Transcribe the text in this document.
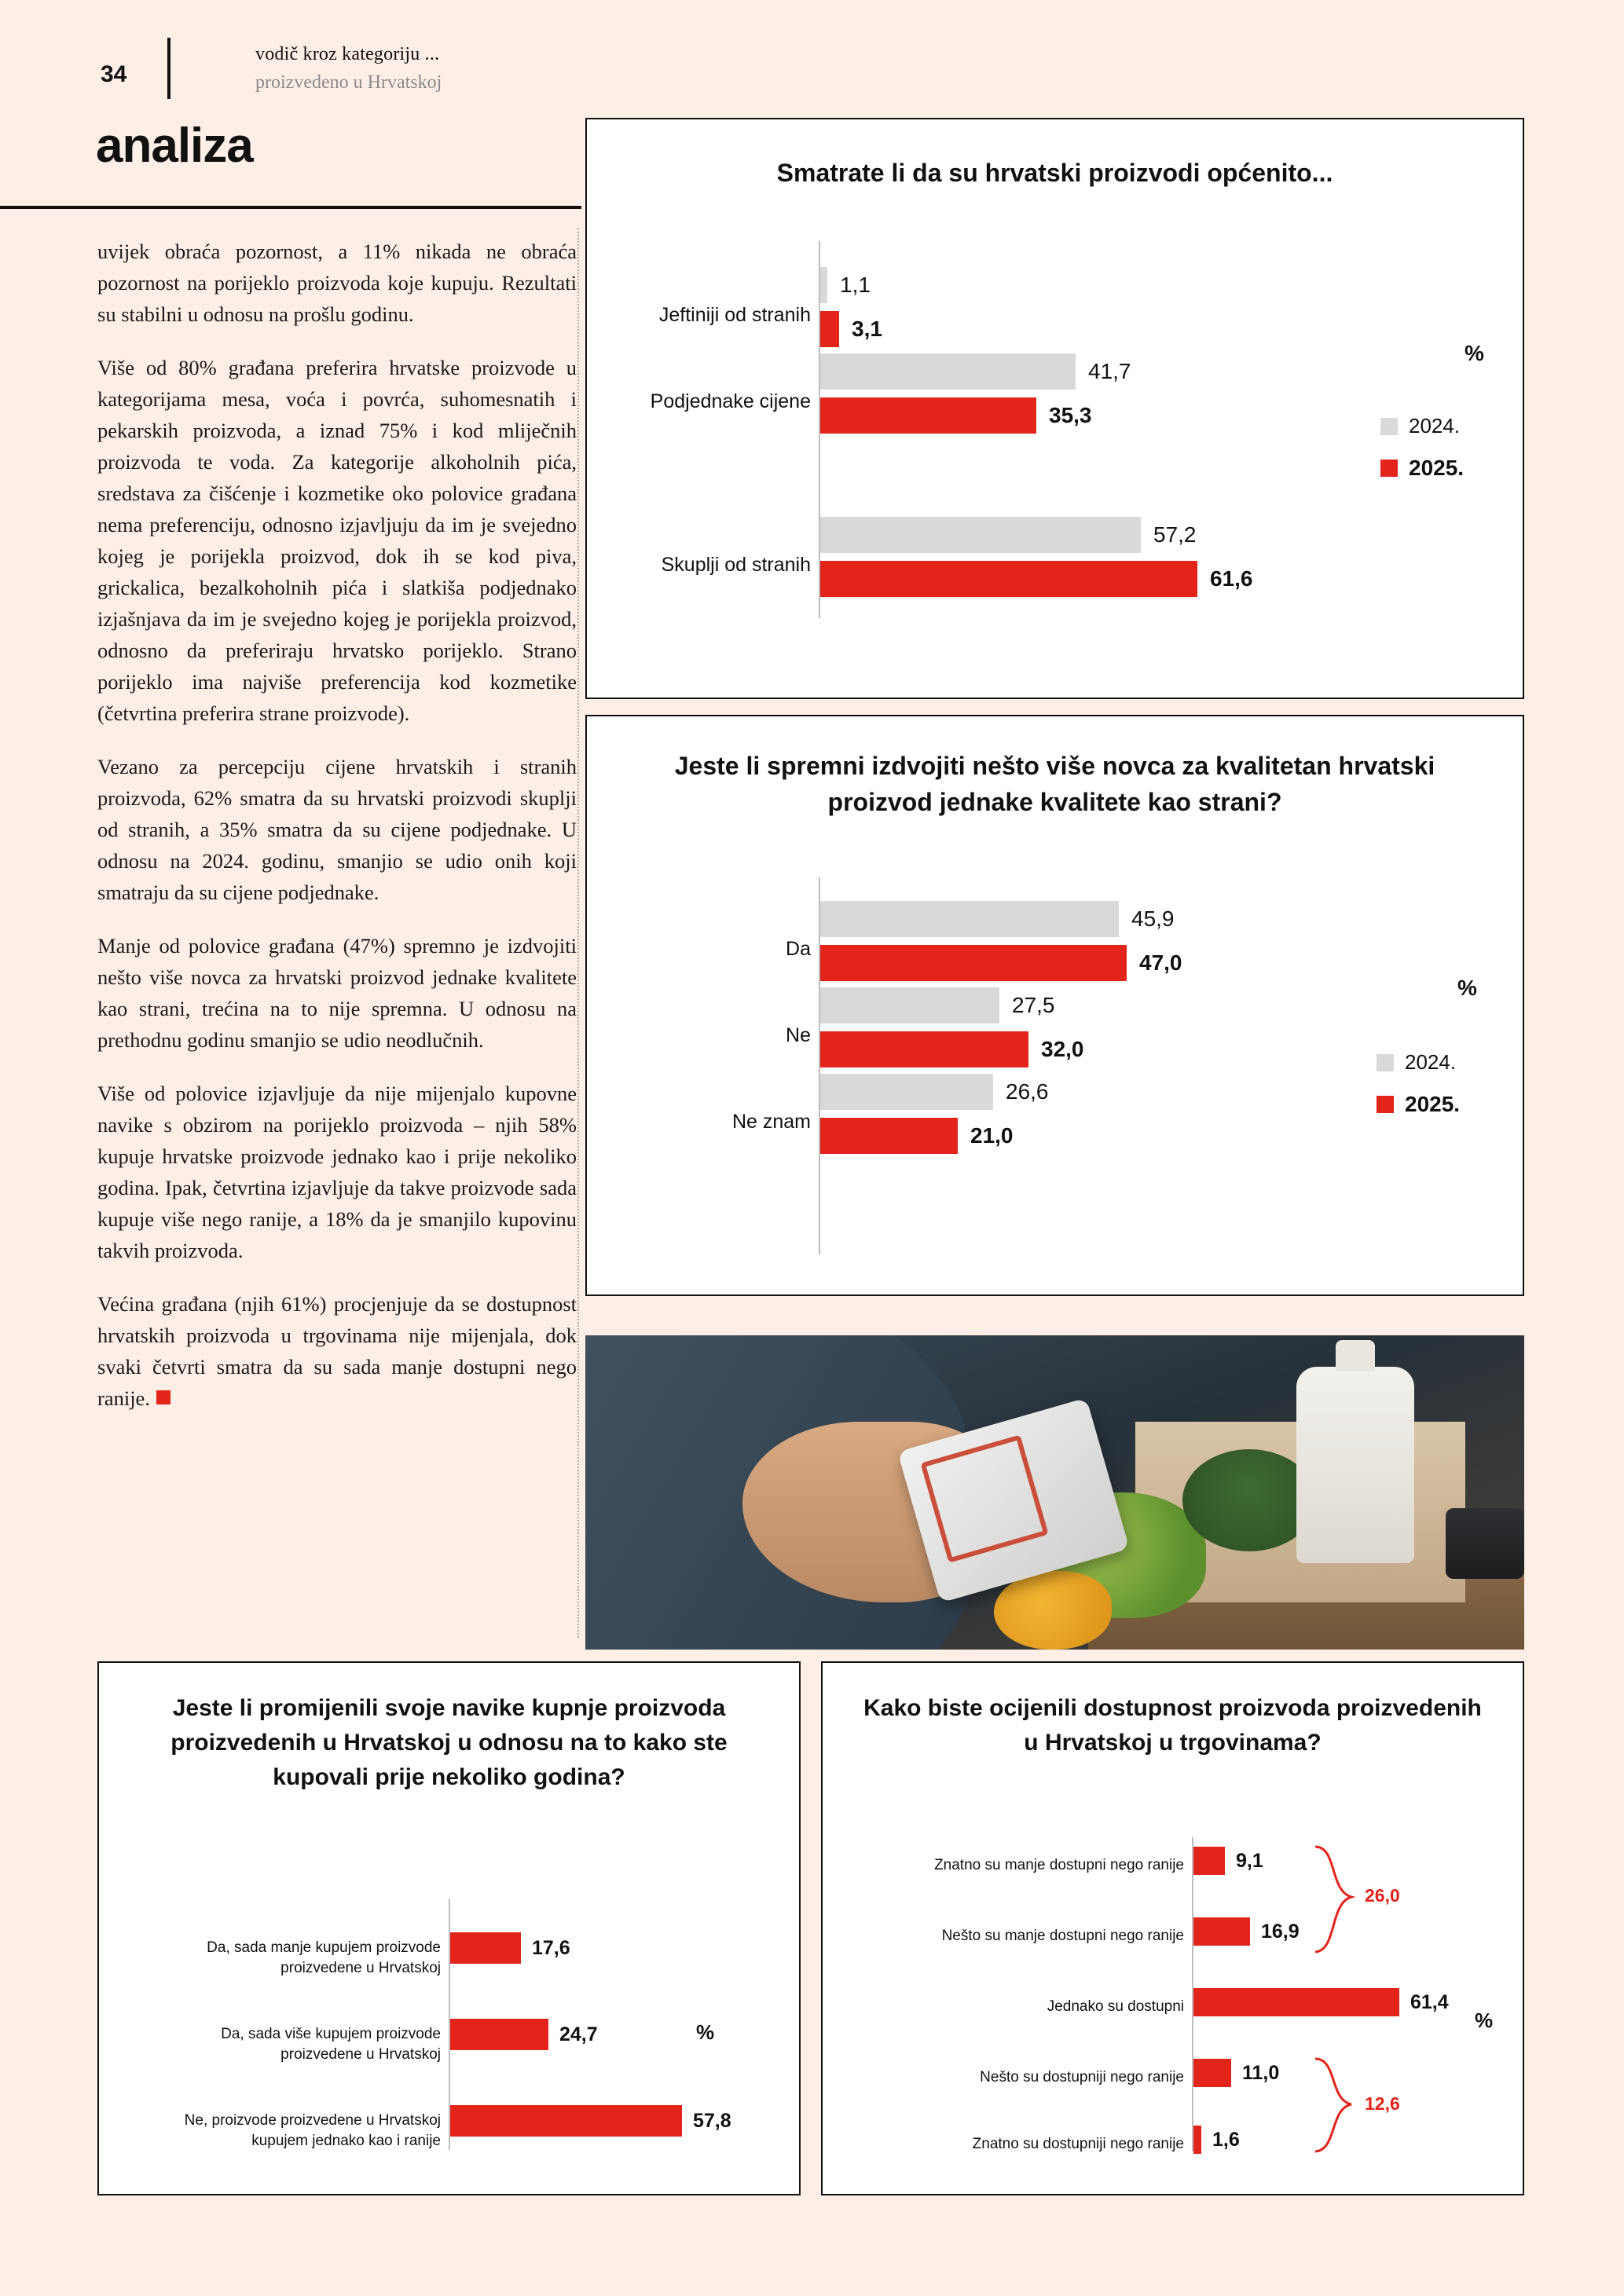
34
vodič kroz kategoriju ...
proizvedeno u Hrvatskoj
analiza

uvijek obraća pozornost, a 11% nikada ne obraća pozornost na porijeklo proizvoda koje kupuju. Rezultati su stabilni u odnosu na prošlu godinu.

Više od 80% građana preferira hrvatske proizvode u kategorijama mesa, voća i povrća, suhomesnatih i pekarskih proizvoda, a iznad 75% i kod mliječnih proizvoda te voda. Za kategorije alkoholnih pića, sredstava za čišćenje i kozmetike oko polovice građana nema preferenciju, odnosno izjavljuju da im je svejedno kojeg je porijekla proizvod, dok ih se kod piva, grickalica, bezalkoholnih pića i slatkiša podjednako izjašnjava da im je svejedno kojeg je porijekla proizvod, odnosno da preferiraju hrvatsko porijeklo. Strano porijeklo ima najviše preferencija kod kozmetike (četvrtina preferira strane proizvode).

Vezano za percepciju cijene hrvatskih i stranih proizvoda, 62% smatra da su hrvatski proizvodi skuplji od stranih, a 35% smatra da su cijene podjednake. U odnosu na 2024. godinu, smanjio se udio onih koji smatraju da su cijene podjednake.

Manje od polovice građana (47%) spremno je izdvojiti nešto više novca za hrvatski proizvod jednake kvalitete kao strani, trećina na to nije spremna. U odnosu na prethodnu godinu smanjio se udio neodlučnih.

Više od polovice izjavljuje da nije mijenjalo kupovne navike s obzirom na porijeklo proizvoda – njih 58% kupuje hrvatske proizvode jednako kao i prije nekoliko godina. Ipak, četvrtina izjavljuje da takve proizvode sada kupuje više nego ranije, a 18% da je smanjilo kupovinu takvih proizvoda.

Većina građana (njih 61%) procjenjuje da se dostupnost hrvatskih proizvoda u trgovinama nije mijenjala, dok svaki četvrti smatra da su sada manje dostupni nego ranije.

Smatrate li da su hrvatski proizvodi općenito...
Jeftiniji od stranih
1,1
3,1
Podjednake cijene
41,7
35,3
Skuplji od stranih
57,2
61,6
%
2024.
2025.
Jeste li spremni izdvojiti nešto više novca za kvalitetan hrvatski proizvod jednake kvalitete kao strani?
Da
45,9
47,0
Ne
27,5
32,0
Ne znam
26,6
21,0
%
2024.
2025.
Jeste li promijenili svoje navike kupnje proizvoda proizvedenih u Hrvatskoj u odnosu na to kako ste kupovali prije nekoliko godina?
Da, sada manje kupujem proizvode proizvedene u Hrvatskoj
17,6
Da, sada više kupujem proizvode proizvedene u Hrvatskoj
24,7
Ne, proizvode proizvedene u Hrvatskoj kupujem jednako kao i ranije
57,8
%
Kako biste ocijenili dostupnost proizvoda proizvedenih u Hrvatskoj u trgovinama?
Znatno su manje dostupni nego ranije	9,1
Nešto su manje dostupni nego ranije	16,9
Jednako su dostupni	61,4
Nešto su dostupniji nego ranije	11,0
Znatno su dostupniji nego ranije 1,6
26,0
12,6
%
